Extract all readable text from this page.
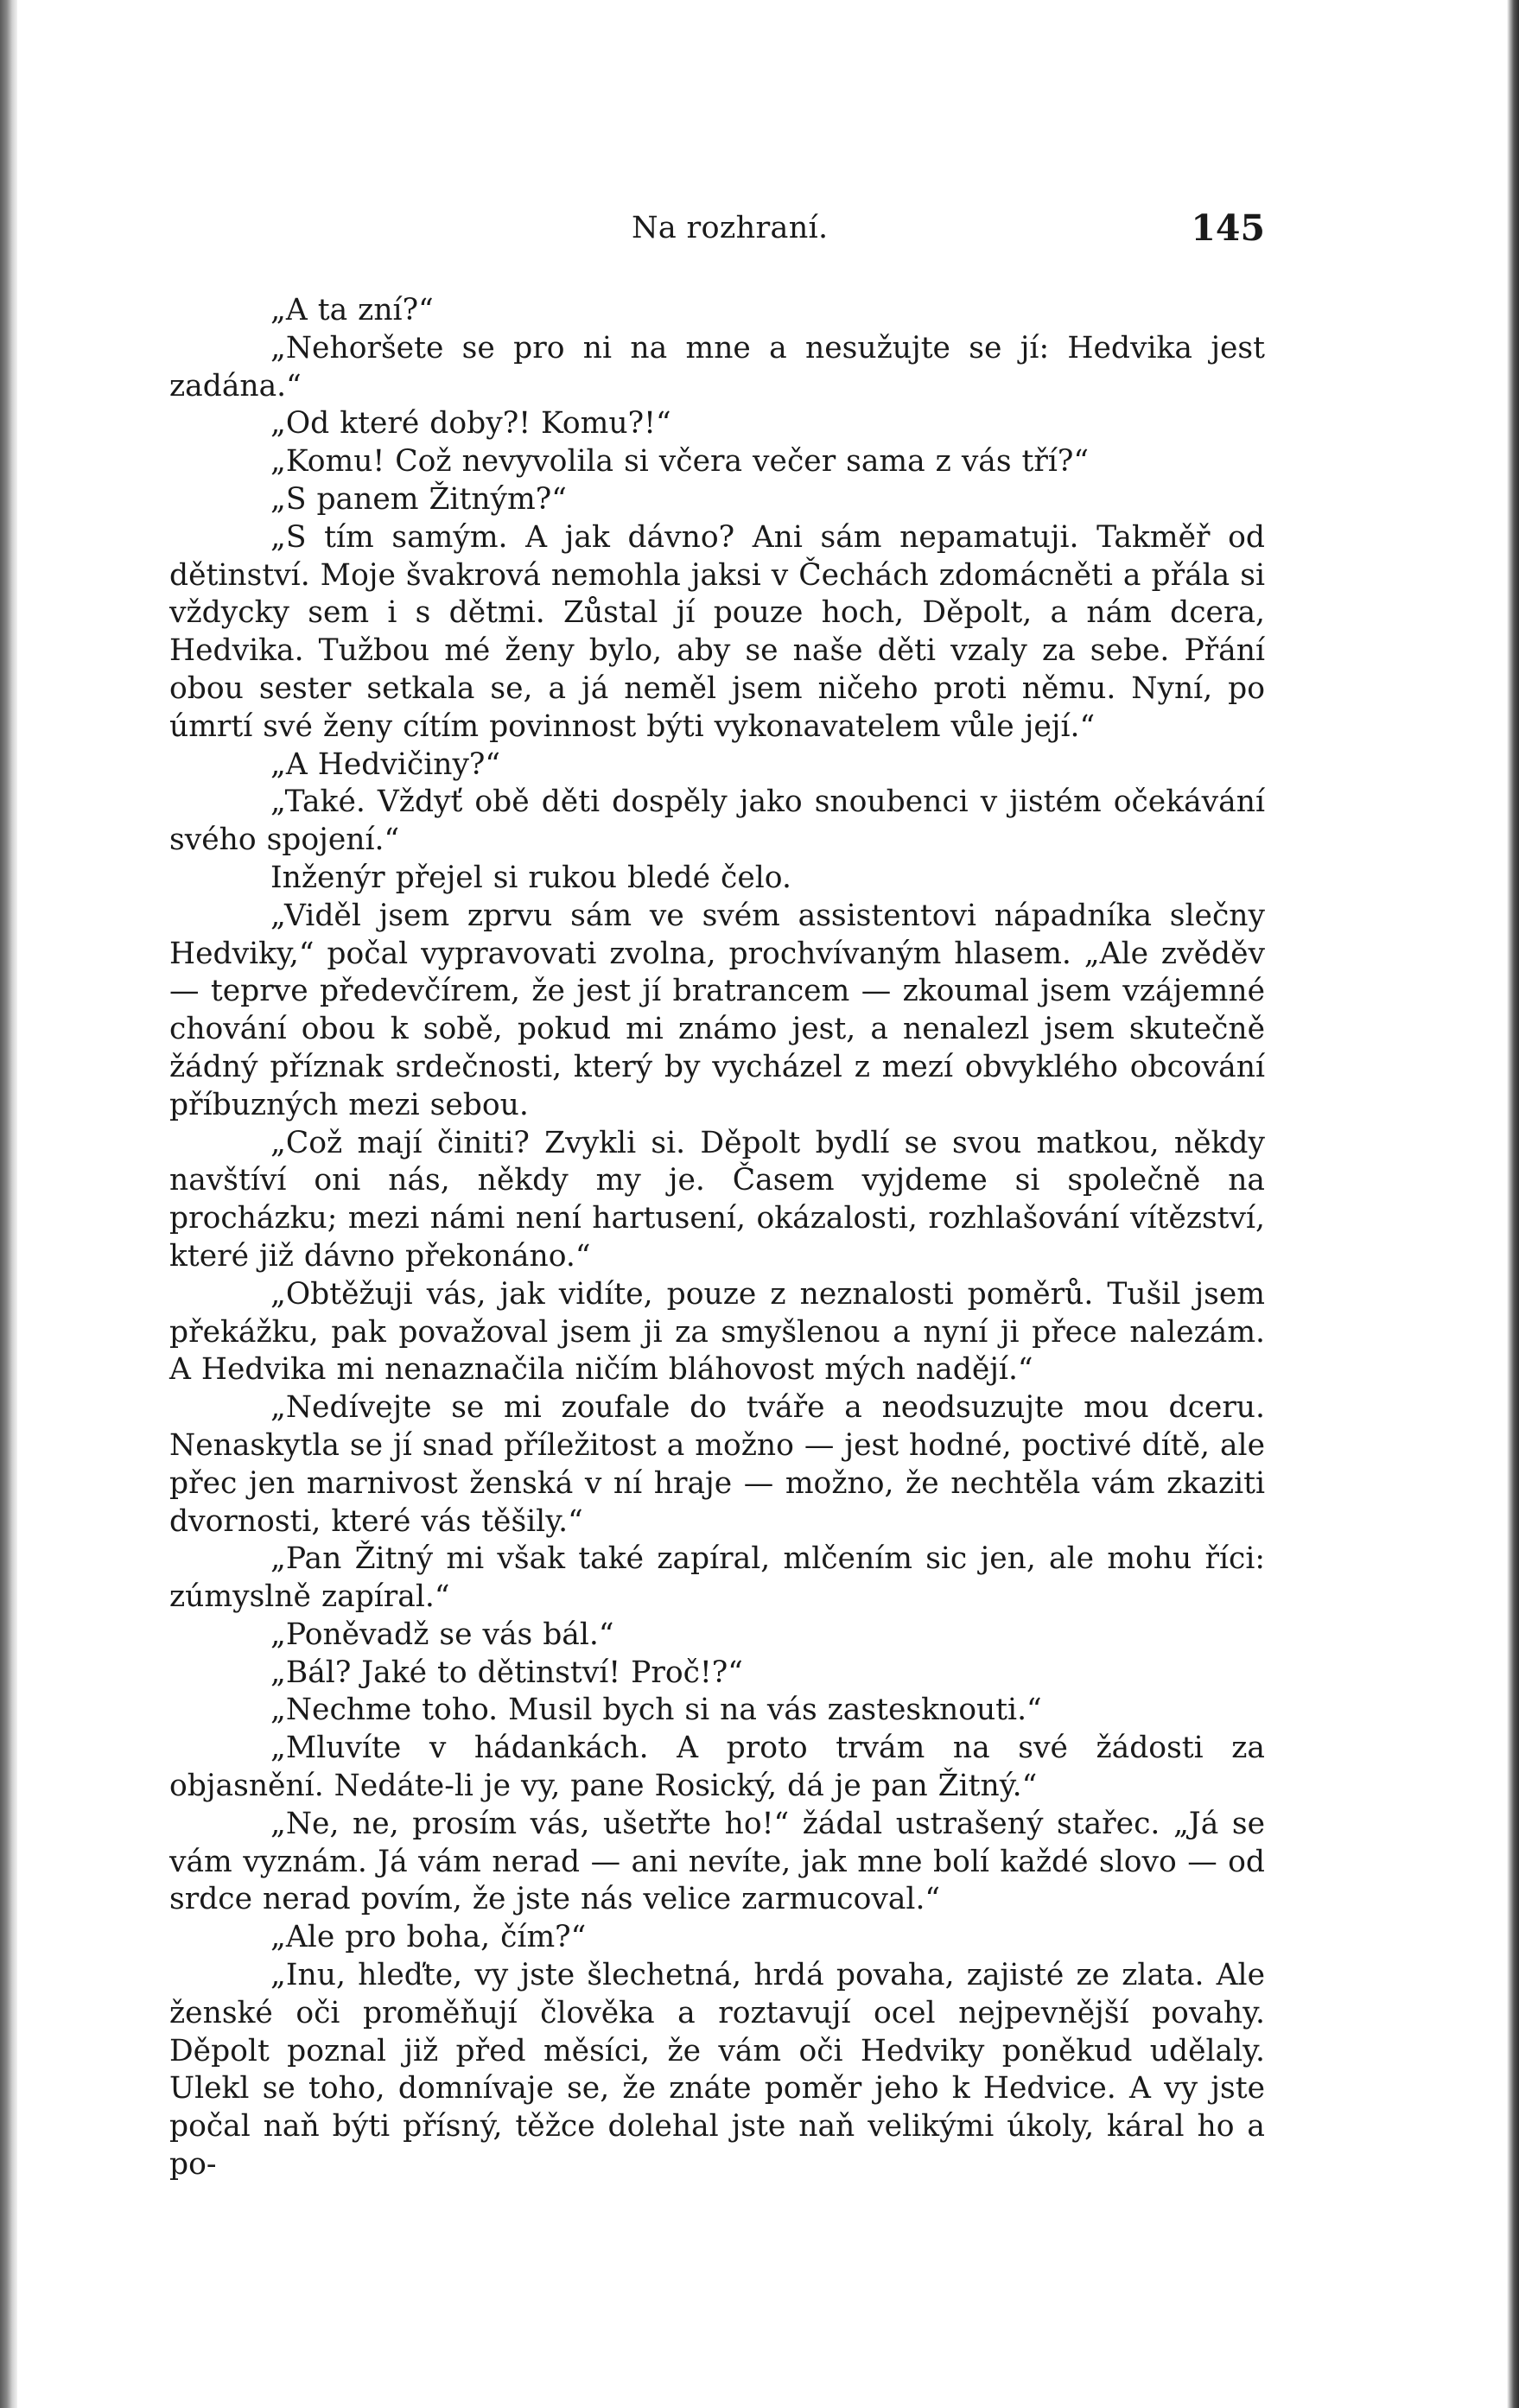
Na rozhraní.	145

„A ta zní?“

„Nehoršete se pro ni na mne a nesužujte se jí: Hedvika jest zadána.“

„Od které doby?! Komu?!“

„Komu! Což nevyvolila si včera večer sama z vás tří?“

„S panem Žitným?“

„S tím samým. A jak dávno? Ani sám nepamatuji. Takměř od dětinství. Moje švakrová nemohla jaksi v Čechách zdomácněti a přála si vždycky sem i s dětmi. Zůstal jí pouze hoch, Děpolt, a nám dcera, Hedvika. Tužbou mé ženy bylo, aby se naše děti vzaly za sebe. Přání obou sester setkala se, a já neměl jsem ničeho proti němu. Nyní, po úmrtí své ženy cítím povinnost býti vykonavatelem vůle její.“

„A Hedvičiny?“

„Také. Vždyť obě děti dospěly jako snoubenci v jistém očekávání svého spojení.“

Inženýr přejel si rukou bledé čelo.

„Viděl jsem zprvu sám ve svém assistentovi nápadníka slečny Hedviky,“ počal vypravovati zvolna, prochvívaným hlasem. „Ale zvěděv — teprve předevčírem, že jest jí bratrancem — zkoumal jsem vzájemné chování obou k sobě, pokud mi známo jest, a nenalezl jsem skutečně žádný příznak srdečnosti, který by vycházel z mezí obvyklého obcování příbuzných mezi sebou.

„Což mají činiti? Zvykli si. Děpolt bydlí se svou matkou, někdy navštíví oni nás, někdy my je. Časem vyjdeme si společně na procházku; mezi námi není hartusení, okázalosti, rozhlašování vítězství, které již dávno překonáno.“

„Obtěžuji vás, jak vidíte, pouze z neznalosti poměrů. Tušil jsem překážku, pak považoval jsem ji za smyšlenou a nyní ji přece nalezám. A Hedvika mi nenaznačila ničím bláhovost mých nadějí.“

„Nedívejte se mi zoufale do tváře a neodsuzujte mou dceru. Nenaskytla se jí snad příležitost a možno — jest hodné, poctivé dítě, ale přec jen marnivost ženská v ní hraje — možno, že nechtěla vám zkaziti dvornosti, které vás těšily.“

„Pan Žitný mi však také zapíral, mlčením sic jen, ale mohu říci: zúmyslně zapíral.“

„Poněvadž se vás bál.“

„Bál? Jaké to dětinství! Proč!?“

„Nechme toho. Musil bych si na vás zastesknouti.“

„Mluvíte v hádankách. A proto trvám na své žádosti za objasnění. Nedáte-li je vy, pane Rosický, dá je pan Žitný.“

„Ne, ne, prosím vás, ušetřte ho!“ žádal ustrašený stařec. „Já se vám vyznám. Já vám nerad — ani nevíte, jak mne bolí každé slovo — od srdce nerad povím, že jste nás velice zarmucoval.“

„Ale pro boha, čím?“

„Inu, hleďte, vy jste šlechetná, hrdá povaha, zajisté ze zlata. Ale ženské oči proměňují člověka a roztavují ocel nejpevnější povahy. Děpolt poznal již před měsíci, že vám oči Hedviky poněkud udělaly. Ulekl se toho, domnívaje se, že znáte poměr jeho k Hedvice. A vy jste počal naň býti přísný, těžce dolehal jste naň velikými úkoly, káral ho a po-
